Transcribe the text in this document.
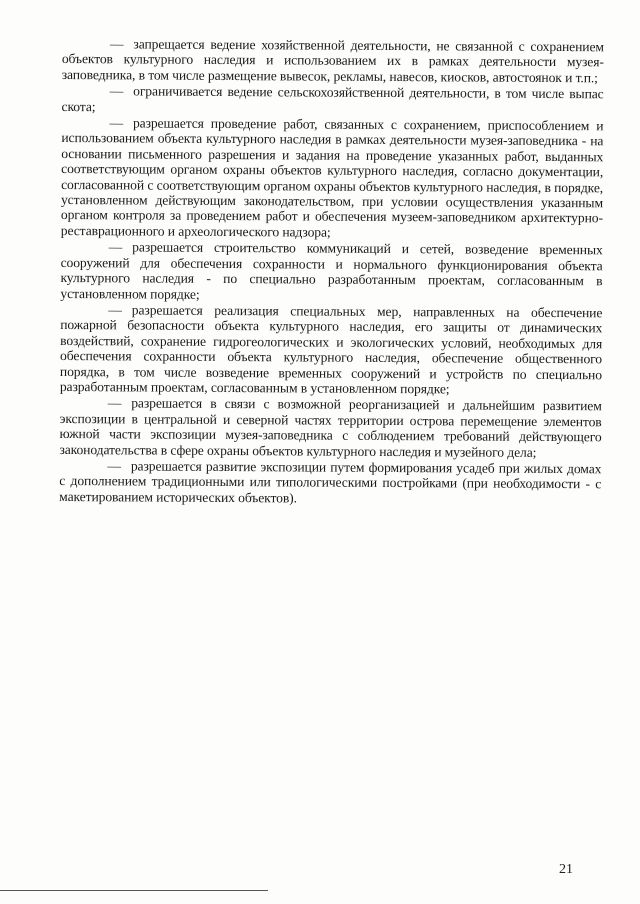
— запрещается ведение хозяйственной деятельности, не связанной с сохранением объектов культурного наследия и использованием их в рамках деятельности музея-заповедника, в том числе размещение вывесок, рекламы, навесов, киосков, автостоянок и т.п.;

— ограничивается ведение сельскохозяйственной деятельности, в том числе выпас скота;

— разрешается проведение работ, связанных с сохранением, приспособлением и использованием объекта культурного наследия в рамках деятельности музея-заповедника - на основании письменного разрешения и задания на проведение указанных работ, выданных соответствующим органом охраны объектов культурного наследия, согласно документации, согласованной с соответствующим органом охраны объектов культурного наследия, в порядке, установленном действующим законодательством, при условии осуществления указанным органом контроля за проведением работ и обеспечения музеем-заповедником архитектурно-реставрационного и археологического надзора;

— разрешается строительство коммуникаций и сетей, возведение временных сооружений для обеспечения сохранности и нормального функционирования объекта культурного наследия - по специально разработанным проектам, согласованным в установленном порядке;

— разрешается реализация специальных мер, направленных на обеспечение пожарной безопасности объекта культурного наследия, его защиты от динамических воздействий, сохранение гидрогеологических и экологических условий, необходимых для обеспечения сохранности объекта культурного наследия, обеспечение общественного порядка, в том числе возведение временных сооружений и устройств по специально разработанным проектам, согласованным в установленном порядке;

— разрешается в связи с возможной реорганизацией и дальнейшим развитием экспозиции в центральной и северной частях территории острова перемещение элементов южной части экспозиции музея-заповедника с соблюдением требований действующего законодательства в сфере охраны объектов культурного наследия и музейного дела;

— разрешается развитие экспозиции путем формирования усадеб при жилых домах с дополнением традиционными или типологическими постройками (при необходимости - с макетированием исторических объектов).

21
